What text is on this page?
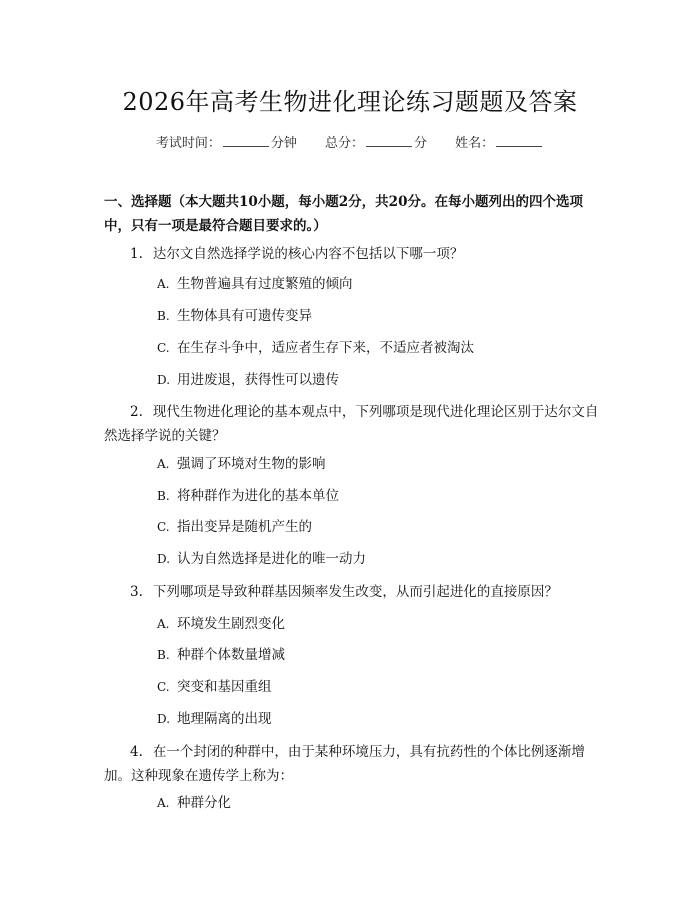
2026年高考生物进化理论练习题题及答案
考试时间：	分钟 总分：	分 姓名：
一、选择题（本大题共10小题，每小题2分，共20分。在每小题列出的四个选项中，只有一项是最符合题目要求的。）
1. 达尔文自然选择学说的核心内容不包括以下哪一项？
A. 生物普遍具有过度繁殖的倾向
B. 生物体具有可遗传变异
C. 在生存斗争中，适应者生存下来，不适应者被淘汰
D. 用进废退，获得性可以遗传
2. 现代生物进化理论的基本观点中，下列哪项是现代进化理论区别于达尔文自然选择学说的关键？
A. 强调了环境对生物的影响
B. 将种群作为进化的基本单位
C. 指出变异是随机产生的
D. 认为自然选择是进化的唯一动力
3. 下列哪项是导致种群基因频率发生改变，从而引起进化的直接原因？
A. 环境发生剧烈变化
B. 种群个体数量增减
C. 突变和基因重组
D. 地理隔离的出现
4. 在一个封闭的种群中，由于某种环境压力，具有抗药性的个体比例逐渐增加。这种现象在遗传学上称为：
A. 种群分化
